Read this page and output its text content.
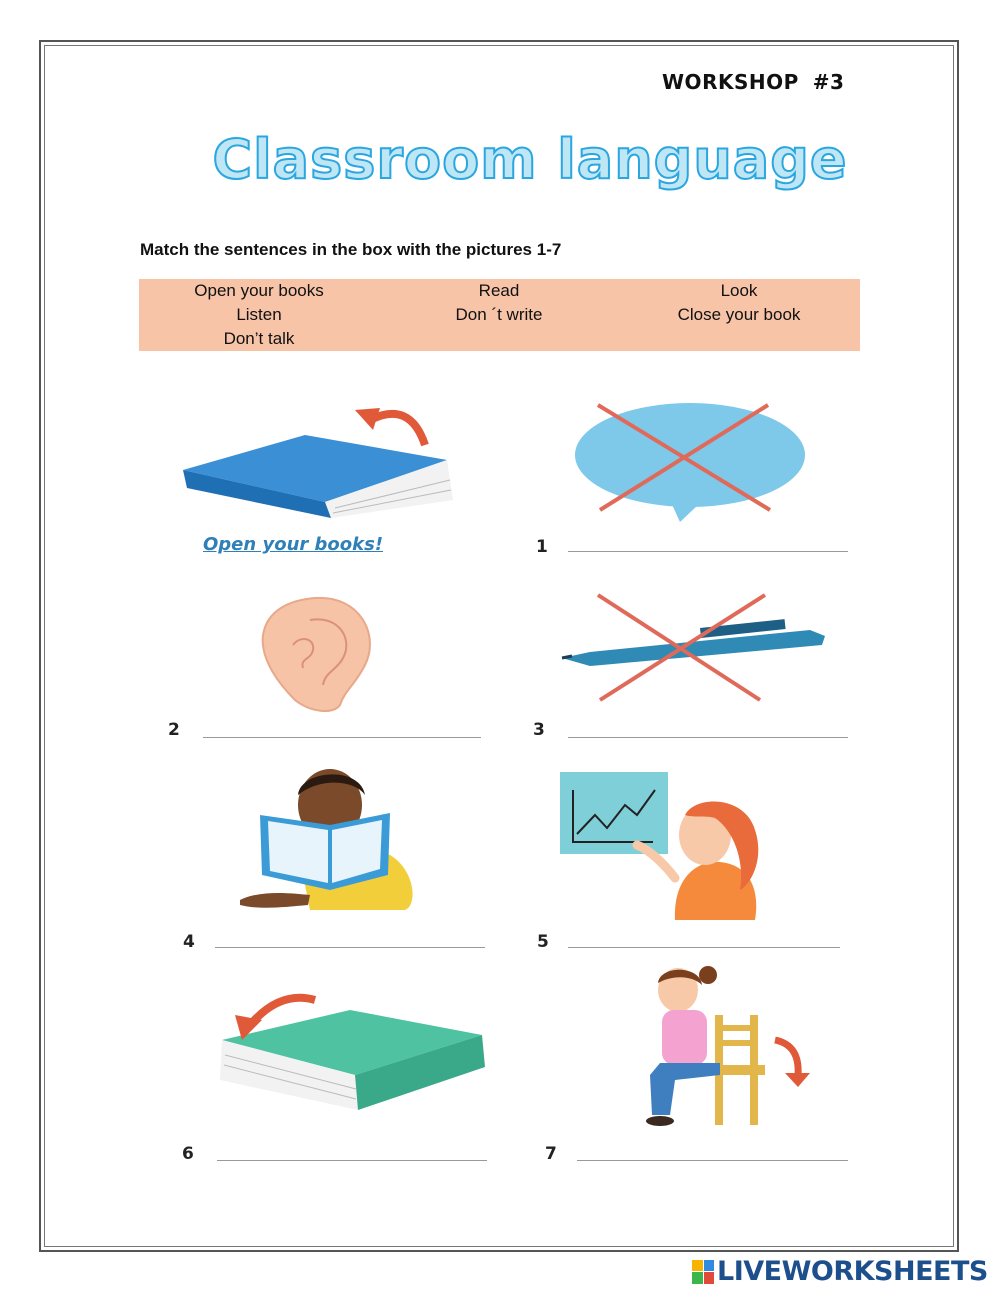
WORKSHOP #3
Classroom language
Match the sentences in the box with the pictures 1-7
Open your books	Read	Look
Listen	Don ´t write	Close your book
Don’t talk
Open your books!	1
2	3
4	5
6	7
LIVEWORKSHEETS
